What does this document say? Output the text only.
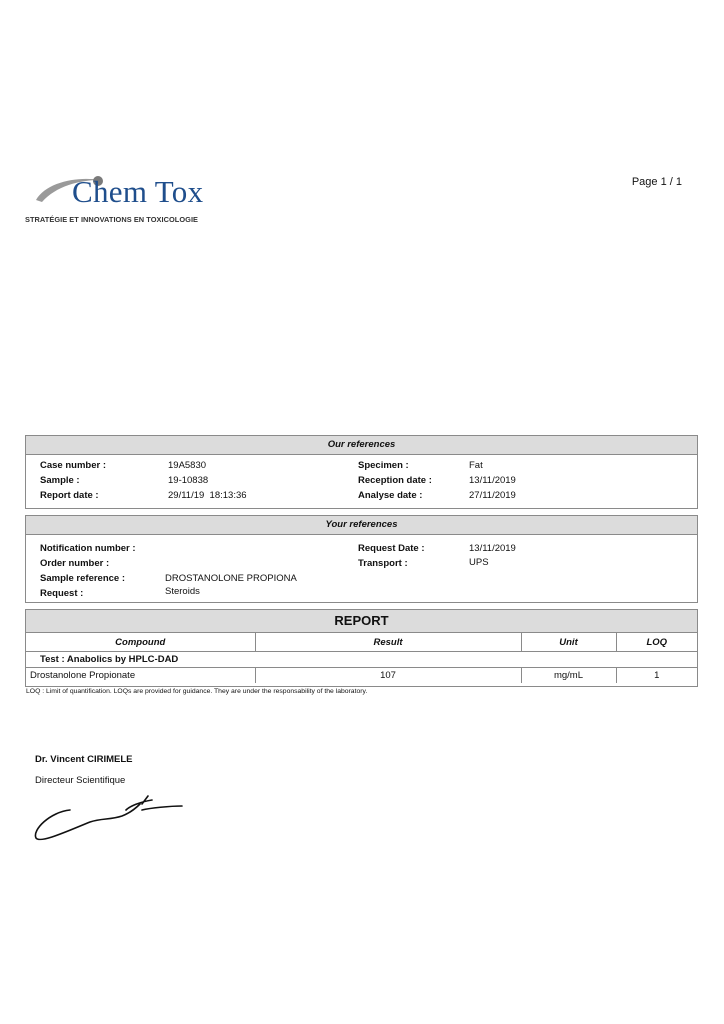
Chem Tox
STRATÉGIE ET INNOVATIONS EN TOXICOLOGIE
Page 1 / 1
Our references
Case number :	19A5830
Sample :	19-10838
Report date :	29/11/19  18:13:36
Specimen :	Fat
Reception date :	13/11/2019
Analyse date :	27/11/2019
Your references
Notification number :
Order number :
Sample reference :	DROSTANOLONE PROPIONA
Request :	Steroids
Request Date :	13/11/2019
Transport :	UPS
REPORT
Compound	Result	Unit	LOQ
Test : Anabolics by HPLC-DAD			
Drostanolone Propionate	107	mg/mL	1
LOQ : Limit of quantification. LOQs are provided for guidance. They are under the responsability of the laboratory.
Dr. Vincent CIRIMELE
Directeur Scientifique
